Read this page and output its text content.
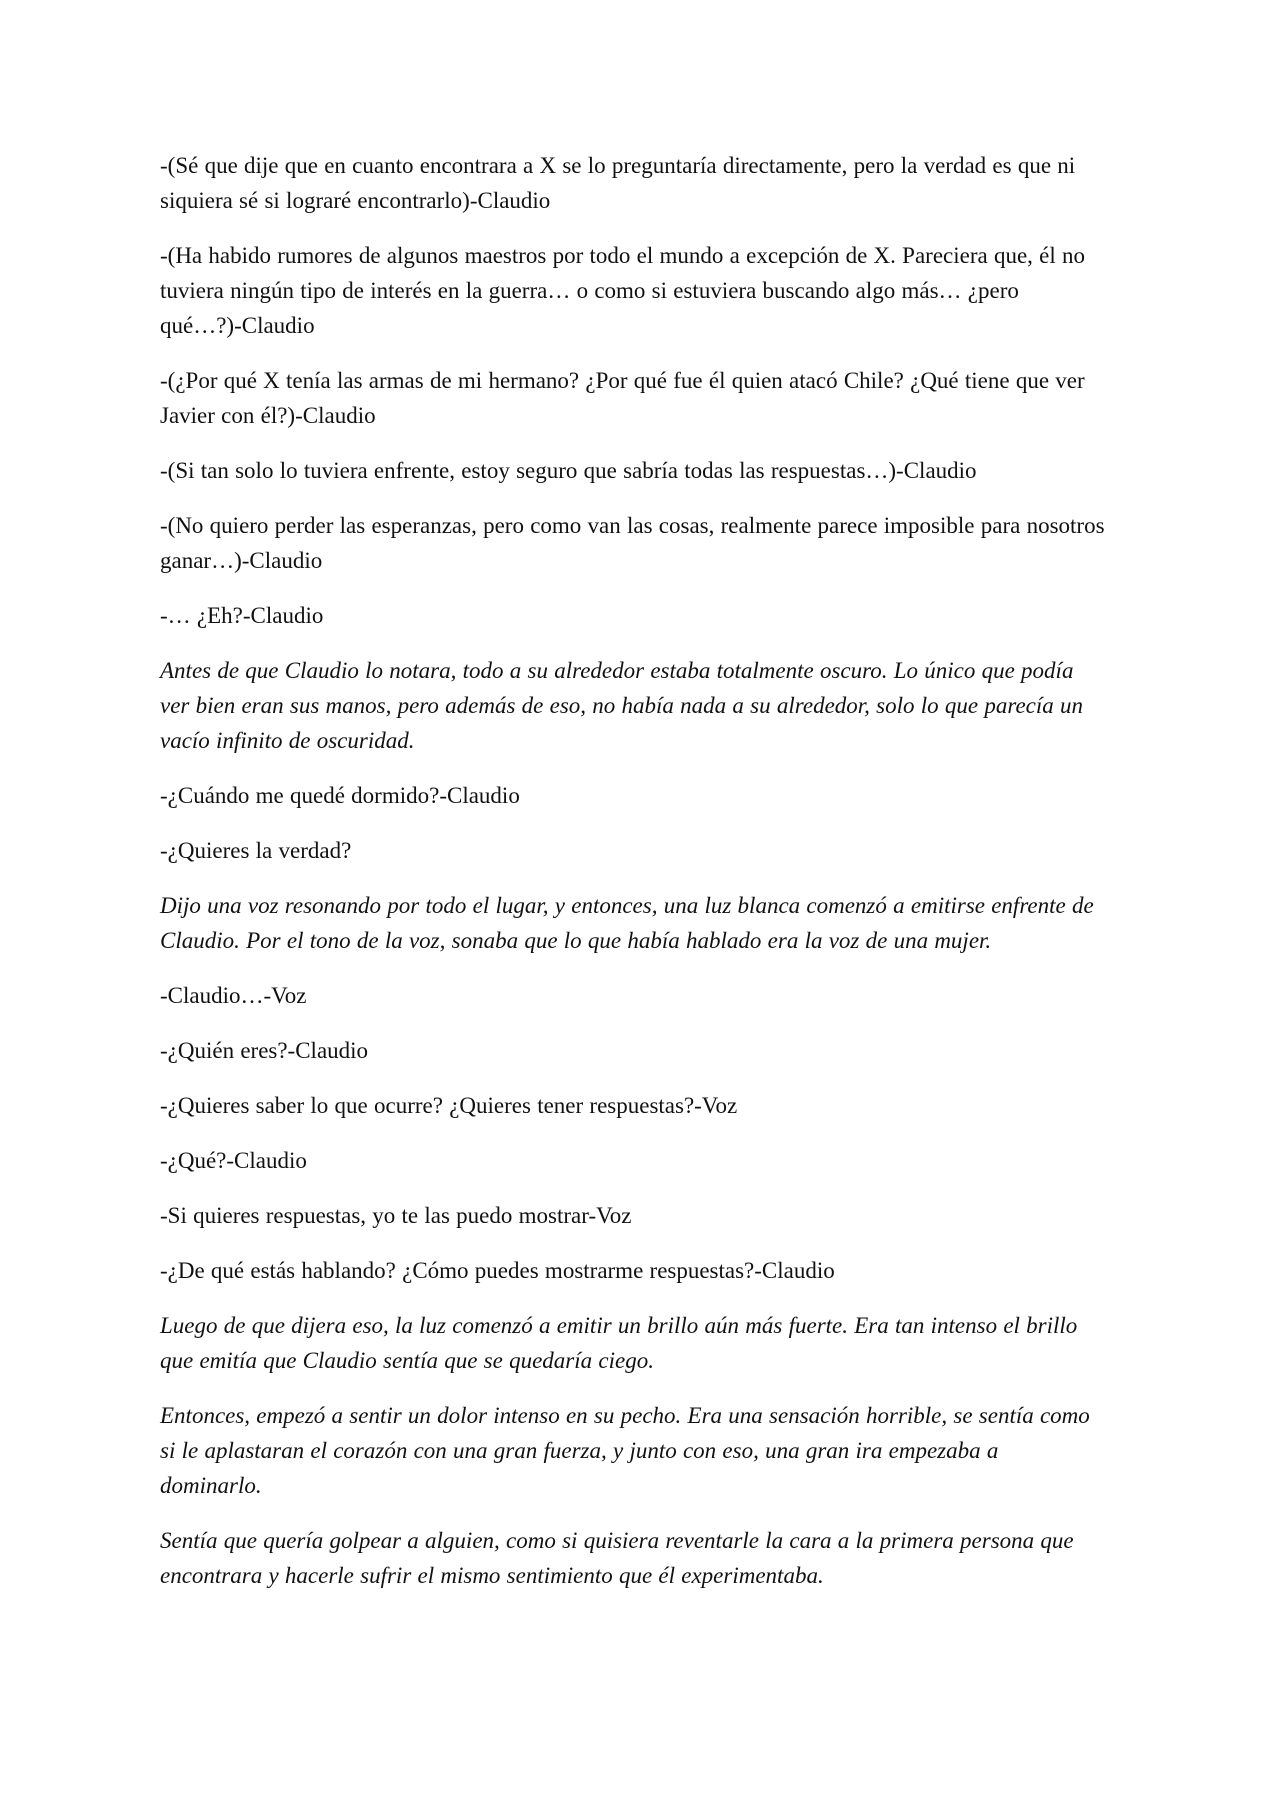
-(Sé que dije que en cuanto encontrara a X se lo preguntaría directamente, pero la verdad es que ni siquiera sé si lograré encontrarlo)-Claudio

-(Ha habido rumores de algunos maestros por todo el mundo a excepción de X. Pareciera que, él no tuviera ningún tipo de interés en la guerra… o como si estuviera buscando algo más… ¿pero qué…?)-Claudio

-(¿Por qué X tenía las armas de mi hermano? ¿Por qué fue él quien atacó Chile? ¿Qué tiene que ver Javier con él?)-Claudio

-(Si tan solo lo tuviera enfrente, estoy seguro que sabría todas las respuestas…)-Claudio

-(No quiero perder las esperanzas, pero como van las cosas, realmente parece imposible para nosotros ganar…)-Claudio

-… ¿Eh?-Claudio

Antes de que Claudio lo notara, todo a su alrededor estaba totalmente oscuro. Lo único que podía ver bien eran sus manos, pero además de eso, no había nada a su alrededor, solo lo que parecía un vacío infinito de oscuridad.

-¿Cuándo me quedé dormido?-Claudio

-¿Quieres la verdad?

Dijo una voz resonando por todo el lugar, y entonces, una luz blanca comenzó a emitirse enfrente de Claudio. Por el tono de la voz, sonaba que lo que había hablado era la voz de una mujer.

-Claudio…-Voz

-¿Quién eres?-Claudio

-¿Quieres saber lo que ocurre? ¿Quieres tener respuestas?-Voz

-¿Qué?-Claudio

-Si quieres respuestas, yo te las puedo mostrar-Voz

-¿De qué estás hablando? ¿Cómo puedes mostrarme respuestas?-Claudio

Luego de que dijera eso, la luz comenzó a emitir un brillo aún más fuerte. Era tan intenso el brillo que emitía que Claudio sentía que se quedaría ciego.

Entonces, empezó a sentir un dolor intenso en su pecho. Era una sensación horrible, se sentía como si le aplastaran el corazón con una gran fuerza, y junto con eso, una gran ira empezaba a dominarlo.

Sentía que quería golpear a alguien, como si quisiera reventarle la cara a la primera persona que encontrara y hacerle sufrir el mismo sentimiento que él experimentaba.
